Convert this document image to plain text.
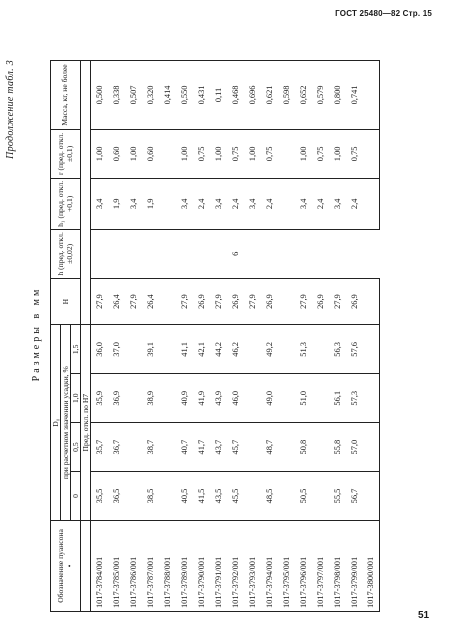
ГОСТ 25480—82 Стр. 15
Продолжение табл. 3
Размеры в мм
Обозначение пуансона
•	D₀				H	h (пред. откл. ±0,02)	h₁ (пред. откл. +0,1)	r (пред. откл. ±0,1)	Масса, кг, не более
	при расчетном значении усадки, %								
	0	0,5	1,0	1,5					
	Пред. откл. по H7								
1017-3784/001	35,5	35,7	35,9	36,0	27,9	6	3,4	1,00	0,500
1017-3785/001	36,5	36,7	36,9	37,0	26,4		1,9	0,60	0,338
1017-3786/001					27,9		3,4	1,00	0,507
1017-3787/001	38,5	38,7	38,9	39,1	26,4		1,9	0,60	0,320
1017-3788/001									0,414
1017-3789/001	40,5	40,7	40,9	41,1	27,9		3,4	1,00	0,550
1017-3790/001	41,5	41,7	41,9	42,1	26,9		2,4	0,75	0,431
1017-3791/001	43,5	43,7	43,9	44,2	27,9		3,4	1,00	0,11
1017-3792/001	45,5	45,7	46,0	46,2	26,9		2,4	0,75	0,468
1017-3793/001					27,9		3,4	1,00	0,696
1017-3794/001	48,5	48,7	49,0	49,2	26,9		2,4	0,75	0,621
1017-3795/001									0,598
1017-3796/001	50,5	50,8	51,0	51,3	27,9		3,4	1,00	0,652
1017-3797/001					26,9		2,4	0,75	0,579
1017-3798/001	55,5	55,8	56,1	56,3	27,9		3,4	1,00	0,800
1017-3799/001	56,7	57,0	57,3	57,6	26,9		2,4	0,75	0,741
1017-3800/001									
51
